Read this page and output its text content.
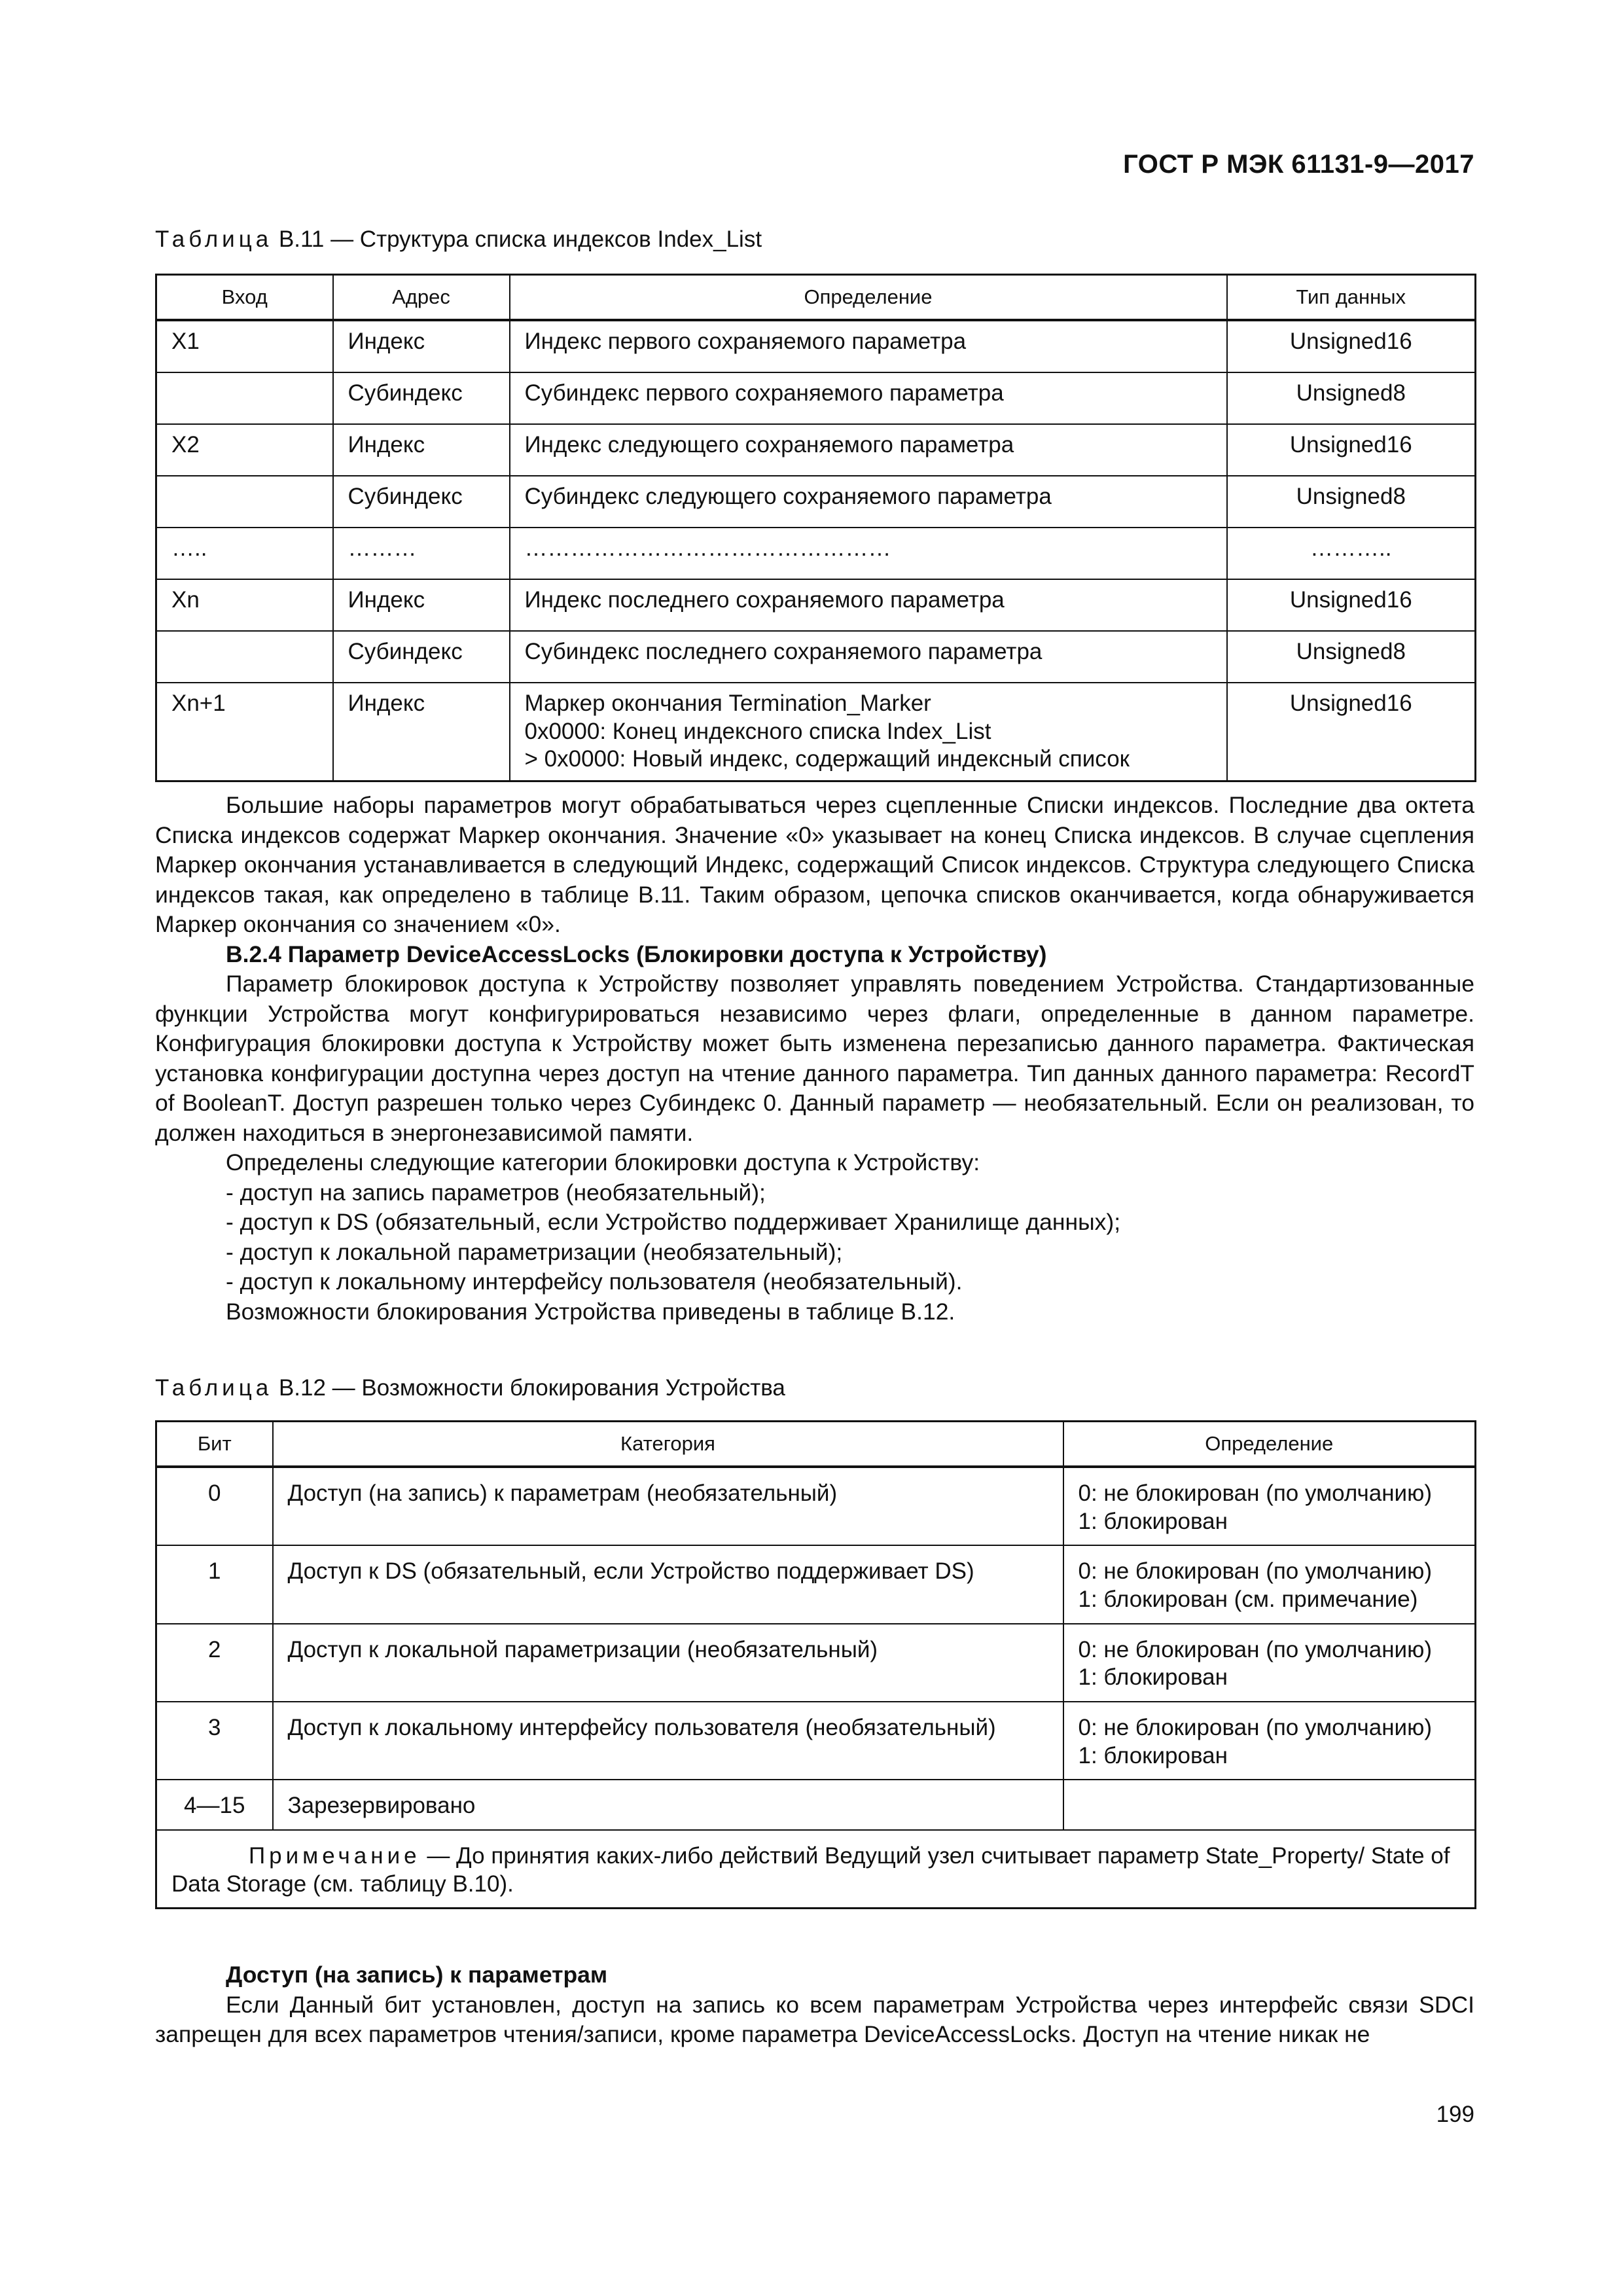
ГОСТ Р МЭК 61131-9—2017
Таблица B.11 — Структура списка индексов Index_List
Вход	Адрес	Определение	Тип данных
X1	Индекс	Индекс первого сохраняемого параметра	Unsigned16
	Субиндекс	Субиндекс первого сохраняемого параметра	Unsigned8
X2	Индекс	Индекс следующего сохраняемого параметра	Unsigned16
	Субиндекс	Субиндекс следующего сохраняемого параметра	Unsigned8
…..	………	…………………………………………	………..
Xn	Индекс	Индекс последнего сохраняемого параметра	Unsigned16
	Субиндекс	Субиндекс последнего сохраняемого параметра	Unsigned8
Xn+1	Индекс	Маркер окончания Termination_Marker
0x0000: Конец индексного списка Index_List
> 0x0000: Новый индекс, содержащий индексный список	Unsigned16

Большие наборы параметров могут обрабатываться через сцепленные Списки индексов. Последние два октета Списка индексов содержат Маркер окончания. Значение «0» указывает на конец Списка индексов. В случае сцепления Маркер окончания устанавливается в следующий Индекс, содержащий Список индексов. Структура следующего Списка индексов такая, как определено в таблице B.11. Таким образом, цепочка списков оканчивается, когда обнаруживается Маркер окончания со значением «0».

B.2.4 Параметр DeviceAccessLocks (Блокировки доступа к Устройству)

Параметр блокировок доступа к Устройству позволяет управлять поведением Устройства. Стандартизованные функции Устройства могут конфигурироваться независимо через флаги, определенные в данном параметре. Конфигурация блокировки доступа к Устройству может быть изменена перезаписью данного параметра. Фактическая установка конфигурации доступна через доступ на чтение данного параметра. Тип данных данного параметра: RecordT of BooleanT. Доступ разрешен только через Субиндекс 0. Данный параметр — необязательный. Если он реализован, то должен находиться в энергонезависимой памяти.

Определены следующие категории блокировки доступа к Устройству:

- доступ на запись параметров (необязательный);

- доступ к DS (обязательный, если Устройство поддерживает Хранилище данных);

- доступ к локальной параметризации (необязательный);

- доступ к локальному интерфейсу пользователя (необязательный).

Возможности блокирования Устройства приведены в таблице B.12.

Таблица B.12 — Возможности блокирования Устройства
Бит	Категория	Определение
0	Доступ (на запись) к параметрам (необязательный)	0: не блокирован (по умолчанию)
1: блокирован

1	Доступ к DS (обязательный, если Устройство поддерживает DS)	0: не блокирован (по умолчанию)
1: блокирован (см. примечание)

2	Доступ к локальной параметризации (необязательный)	0: не блокирован (по умолчанию)
1: блокирован

3	Доступ к локальному интерфейсу пользователя (необязательный)	0: не блокирован (по умолчанию)
1: блокирован

4—15	Зарезервировано	
Примечание — До принятия каких-либо действий Ведущий узел считывает параметр State_Property/ State of Data Storage (см. таблицу B.10).		

Доступ (на запись) к параметрам

Если Данный бит установлен, доступ на запись ко всем параметрам Устройства через интерфейс связи SDCI запрещен для всех параметров чтения/записи, кроме параметра DeviceAccessLocks. Доступ на чтение никак не

199
